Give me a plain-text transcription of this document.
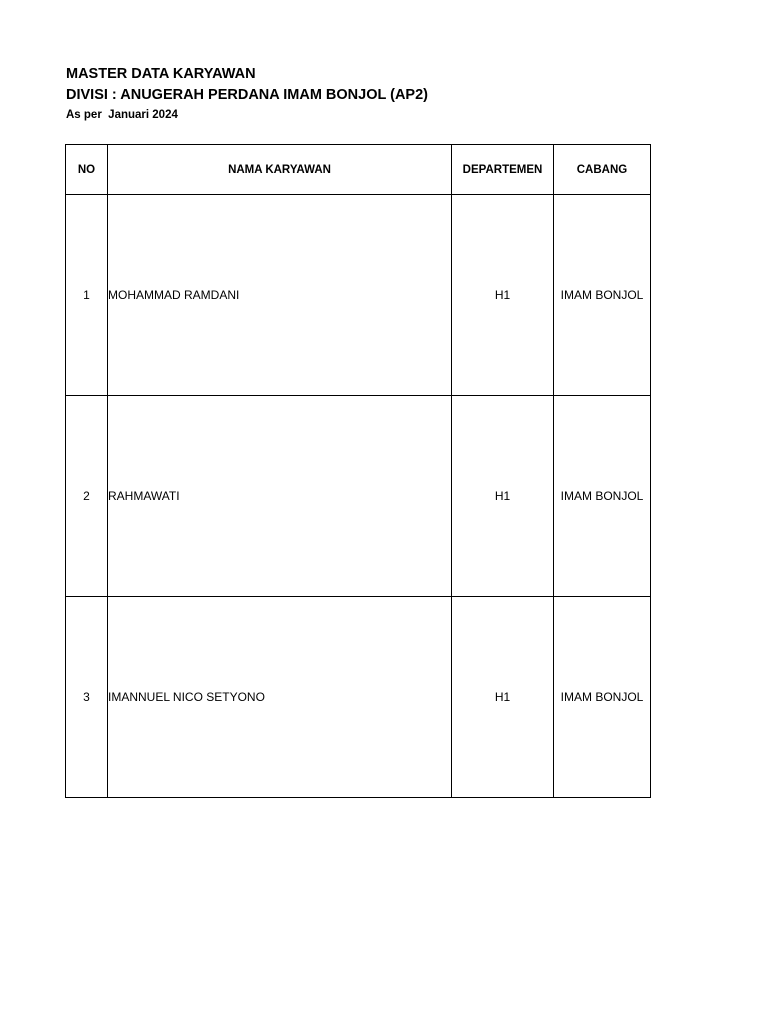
MASTER DATA KARYAWAN
DIVISI : ANUGERAH PERDANA IMAM BONJOL (AP2)
As per  Januari 2024
NO	NAMA KARYAWAN	DEPARTEMEN	CABANG
1	MOHAMMAD RAMDANI	H1	IMAM BONJOL
2	RAHMAWATI	H1	IMAM BONJOL
3	IMANNUEL NICO SETYONO	H1	IMAM BONJOL
